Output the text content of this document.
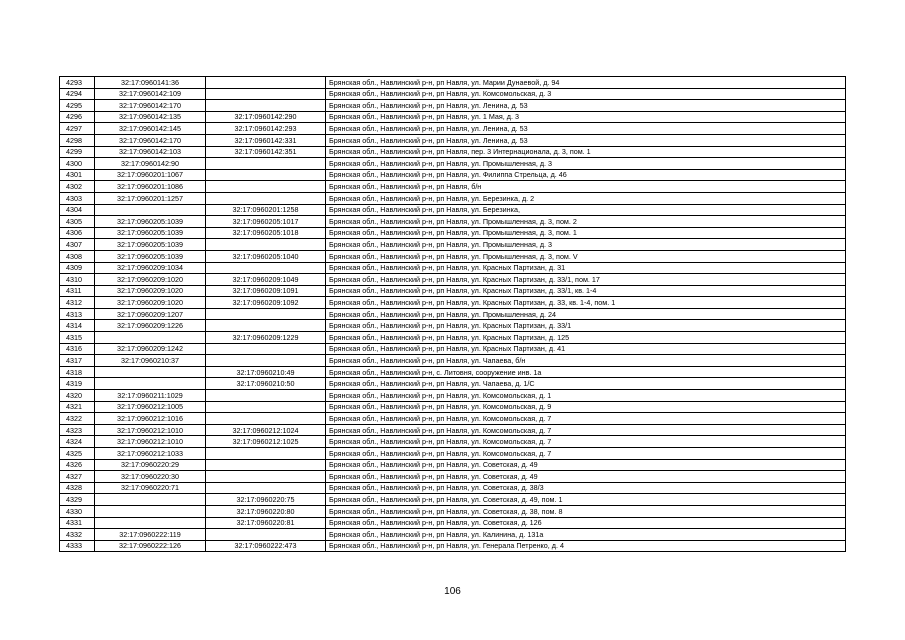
4293	32:17:0960141:36		Брянская обл., Навлинский р-н, рп Навля, ул. Марии Дунаевой, д. 94
4294	32:17:0960142:109		Брянская обл., Навлинский р-н, рп Навля, ул. Комсомольская, д. 3
4295	32:17:0960142:170		Брянская обл., Навлинский р-н, рп Навля, ул. Ленина, д. 53
4296	32:17:0960142:135	32:17:0960142:290	Брянская обл., Навлинский р-н, рп Навля, ул. 1 Мая, д. 3
4297	32:17:0960142:145	32:17:0960142:293	Брянская обл., Навлинский р-н, рп Навля, ул. Ленина, д. 53
4298	32:17:0960142:170	32:17:0960142:331	Брянская обл., Навлинский р-н, рп Навля, ул. Ленина, д. 53
4299	32:17:0960142:103	32:17:0960142:351	Брянская обл., Навлинский р-н, рп Навля, пер. 3 Интернационала, д. 3, пом. 1
4300	32:17:0960142:90		Брянская обл., Навлинский р-н, рп Навля, ул. Промышленная, д. 3
4301	32:17:0960201:1067		Брянская обл., Навлинский р-н, рп Навля, ул. Филиппа Стрельца, д. 46
4302	32:17:0960201:1086		Брянская обл., Навлинский р-н, рп Навля, б/н
4303	32:17:0960201:1257		Брянская обл., Навлинский р-н, рп Навля, ул. Березинка, д. 2
4304		32:17:0960201:1258	Брянская обл., Навлинский р-н, рп Навля, ул. Березинка,
4305	32:17:0960205:1039	32:17:0960205:1017	Брянская обл., Навлинский р-н, рп Навля, ул. Промышленная, д. 3, пом. 2
4306	32:17:0960205:1039	32:17:0960205:1018	Брянская обл., Навлинский р-н, рп Навля, ул. Промышленная, д. 3, пом. 1
4307	32:17:0960205:1039		Брянская обл., Навлинский р-н, рп Навля, ул. Промышленная, д. 3
4308	32:17:0960205:1039	32:17:0960205:1040	Брянская обл., Навлинский р-н, рп Навля, ул. Промышленная, д. 3, пом. V
4309	32:17:0960209:1034		Брянская обл., Навлинский р-н, рп Навля, ул. Красных Партизан, д. 31
4310	32:17:0960209:1020	32:17:0960209:1049	Брянская обл., Навлинский р-н, рп Навля, ул. Красных Партизан, д. 33/1, пом. 17
4311	32:17:0960209:1020	32:17:0960209:1091	Брянская обл., Навлинский р-н, рп Навля, ул. Красных Партизан, д. 33/1, кв. 1-4
4312	32:17:0960209:1020	32:17:0960209:1092	Брянская обл., Навлинский р-н, рп Навля, ул. Красных Партизан, д. 33, кв. 1-4, пом. 1
4313	32:17:0960209:1207		Брянская обл., Навлинский р-н, рп Навля, ул. Промышленная, д. 24
4314	32:17:0960209:1226		Брянская обл., Навлинский р-н, рп Навля, ул. Красных Партизан, д. 33/1
4315		32:17:0960209:1229	Брянская обл., Навлинский р-н, рп Навля, ул. Красных Партизан, д. 125
4316	32:17:0960209:1242		Брянская обл., Навлинский р-н, рп Навля, ул. Красных Партизан, д. 41
4317	32:17:0960210:37		Брянская обл., Навлинский р-н, рп Навля, ул. Чапаева, б/н
4318		32:17:0960210:49	Брянская обл., Навлинский р-н, с. Литовня, сооружение инв. 1а
4319		32:17:0960210:50	Брянская обл., Навлинский р-н, рп Навля, ул. Чапаева, д. 1/С
4320	32:17:0960211:1029		Брянская обл., Навлинский р-н, рп Навля, ул. Комсомольская, д. 1
4321	32:17:0960212:1005		Брянская обл., Навлинский р-н, рп Навля, ул. Комсомольская, д. 9
4322	32:17:0960212:1016		Брянская обл., Навлинский р-н, рп Навля, ул. Комсомольская, д. 7
4323	32:17:0960212:1010	32:17:0960212:1024	Брянская обл., Навлинский р-н, рп Навля, ул. Комсомольская, д. 7
4324	32:17:0960212:1010	32:17:0960212:1025	Брянская обл., Навлинский р-н, рп Навля, ул. Комсомольская, д. 7
4325	32:17:0960212:1033		Брянская обл., Навлинский р-н, рп Навля, ул. Комсомольская, д. 7
4326	32:17:0960220:29		Брянская обл., Навлинский р-н, рп Навля, ул. Советская, д. 49
4327	32:17:0960220:30		Брянская обл., Навлинский р-н, рп Навля, ул. Советская, д. 49
4328	32:17:0960220:71		Брянская обл., Навлинский р-н, рп Навля, ул. Советская, д. 38/3
4329		32:17:0960220:75	Брянская обл., Навлинский р-н, рп Навля, ул. Советская, д. 49, пом. 1
4330		32:17:0960220:80	Брянская обл., Навлинский р-н, рп Навля, ул. Советская, д. 38, пом. 8
4331		32:17:0960220:81	Брянская обл., Навлинский р-н, рп Навля, ул. Советская, д. 126
4332	32:17:0960222:119		Брянская обл., Навлинский р-н, рп Навля, ул. Калинина, д. 131а
4333	32:17:0960222:126	32:17:0960222:473	Брянская обл., Навлинский р-н, рп Навля, ул. Генерала Петренко, д. 4
106
